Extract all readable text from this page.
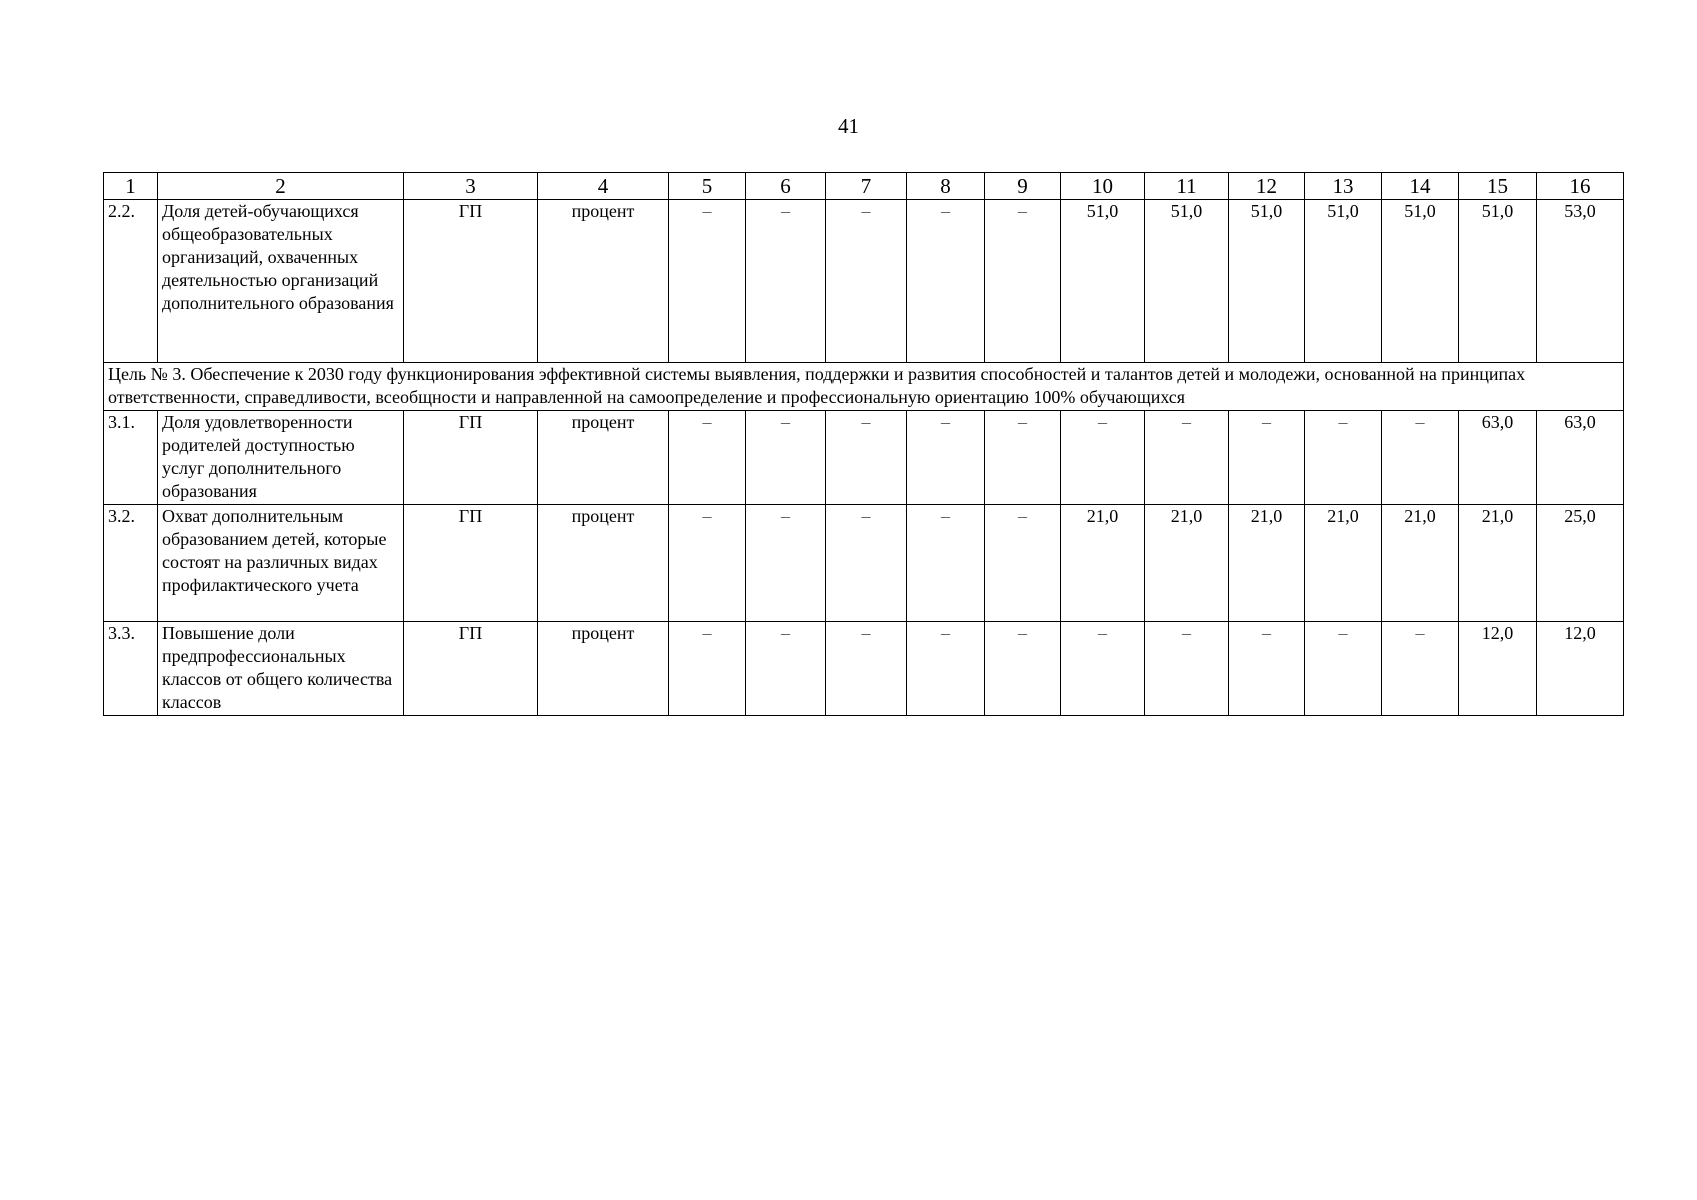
41
1	2	3	4	5	6	7	8	9	10	11	12	13	14	15	16
2.2.	Доля детей-обучающихся общеобразовательных организаций, охваченных деятельностью организаций дополнительного образования	ГП	процент	–	–	–	–	–	51,0	51,0	51,0	51,0	51,0	51,0	53,0
Цель № 3. Обеспечение к 2030 году функционирования эффективной системы выявления, поддержки и развития способностей и талантов детей и молодежи, основанной на принципах ответственности, справедливости, всеобщности и направленной на самоопределение и профессиональную ориентацию 100% обучающихся															
3.1.	Доля удовлетворенности родителей доступностью услуг дополнительного образования	ГП	процент	–	–	–	–	–	–	–	–	–	–	63,0	63,0
3.2.	Охват дополнительным образованием детей, которые состоят на различных видах профилактического учета	ГП	процент	–	–	–	–	–	21,0	21,0	21,0	21,0	21,0	21,0	25,0
3.3.	Повышение доли предпрофессиональных классов от общего количества классов	ГП	процент	–	–	–	–	–	–	–	–	–	–	12,0	12,0
